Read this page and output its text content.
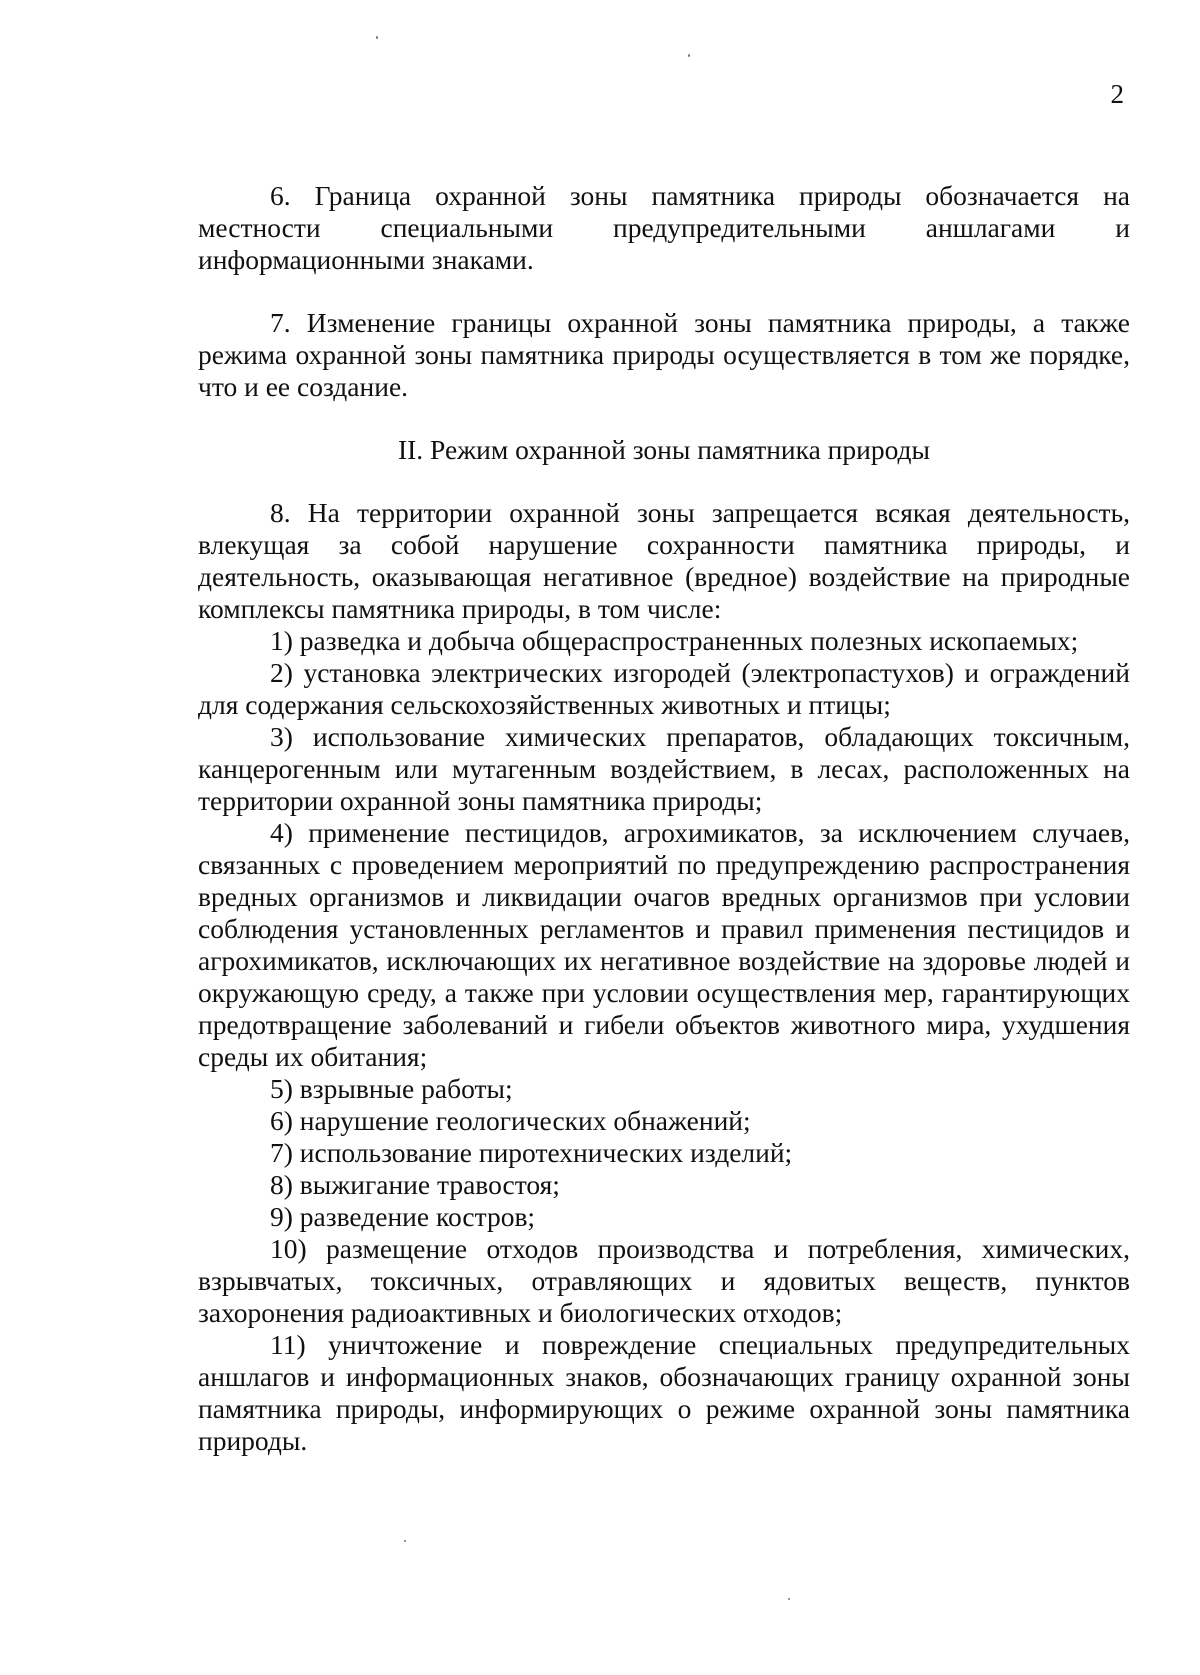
2

6. Граница охранной зоны памятника природы обозначается на местности специальными предупредительными аншлагами и информационными знаками.

7. Изменение границы охранной зоны памятника природы, а также режима охранной зоны памятника природы осуществляется в том же порядке, что и ее создание.

II. Режим охранной зоны памятника природы

8. На территории охранной зоны запрещается всякая деятельность, влекущая за собой нарушение сохранности памятника природы, и деятельность, оказывающая негативное (вредное) воздействие на природные комплексы памятника природы, в том числе:

1) разведка и добыча общераспространенных полезных ископаемых;
2) установка электрических изгородей (электропастухов) и ограждений для содержания сельскохозяйственных животных и птицы;
3) использование химических препаратов, обладающих токсичным, канцерогенным или мутагенным воздействием, в лесах, расположенных на территории охранной зоны памятника природы;
4) применение пестицидов, агрохимикатов, за исключением случаев, связанных с проведением мероприятий по предупреждению распространения вредных организмов и ликвидации очагов вредных организмов при условии соблюдения установленных регламентов и правил применения пестицидов и агрохимикатов, исключающих их негативное воздействие на здоровье людей и окружающую среду, а также при условии осуществления мер, гарантирующих предотвращение заболеваний и гибели объектов животного мира, ухудшения среды их обитания;
5) взрывные работы;
6) нарушение геологических обнажений;
7) использование пиротехнических изделий;
8) выжигание травостоя;
9) разведение костров;
10) размещение отходов производства и потребления, химических, взрывчатых, токсичных, отравляющих и ядовитых веществ, пунктов захоронения радиоактивных и биологических отходов;
11) уничтожение и повреждение специальных предупредительных аншлагов и информационных знаков, обозначающих границу охранной зоны памятника природы, информирующих о режиме охранной зоны памятника природы.
